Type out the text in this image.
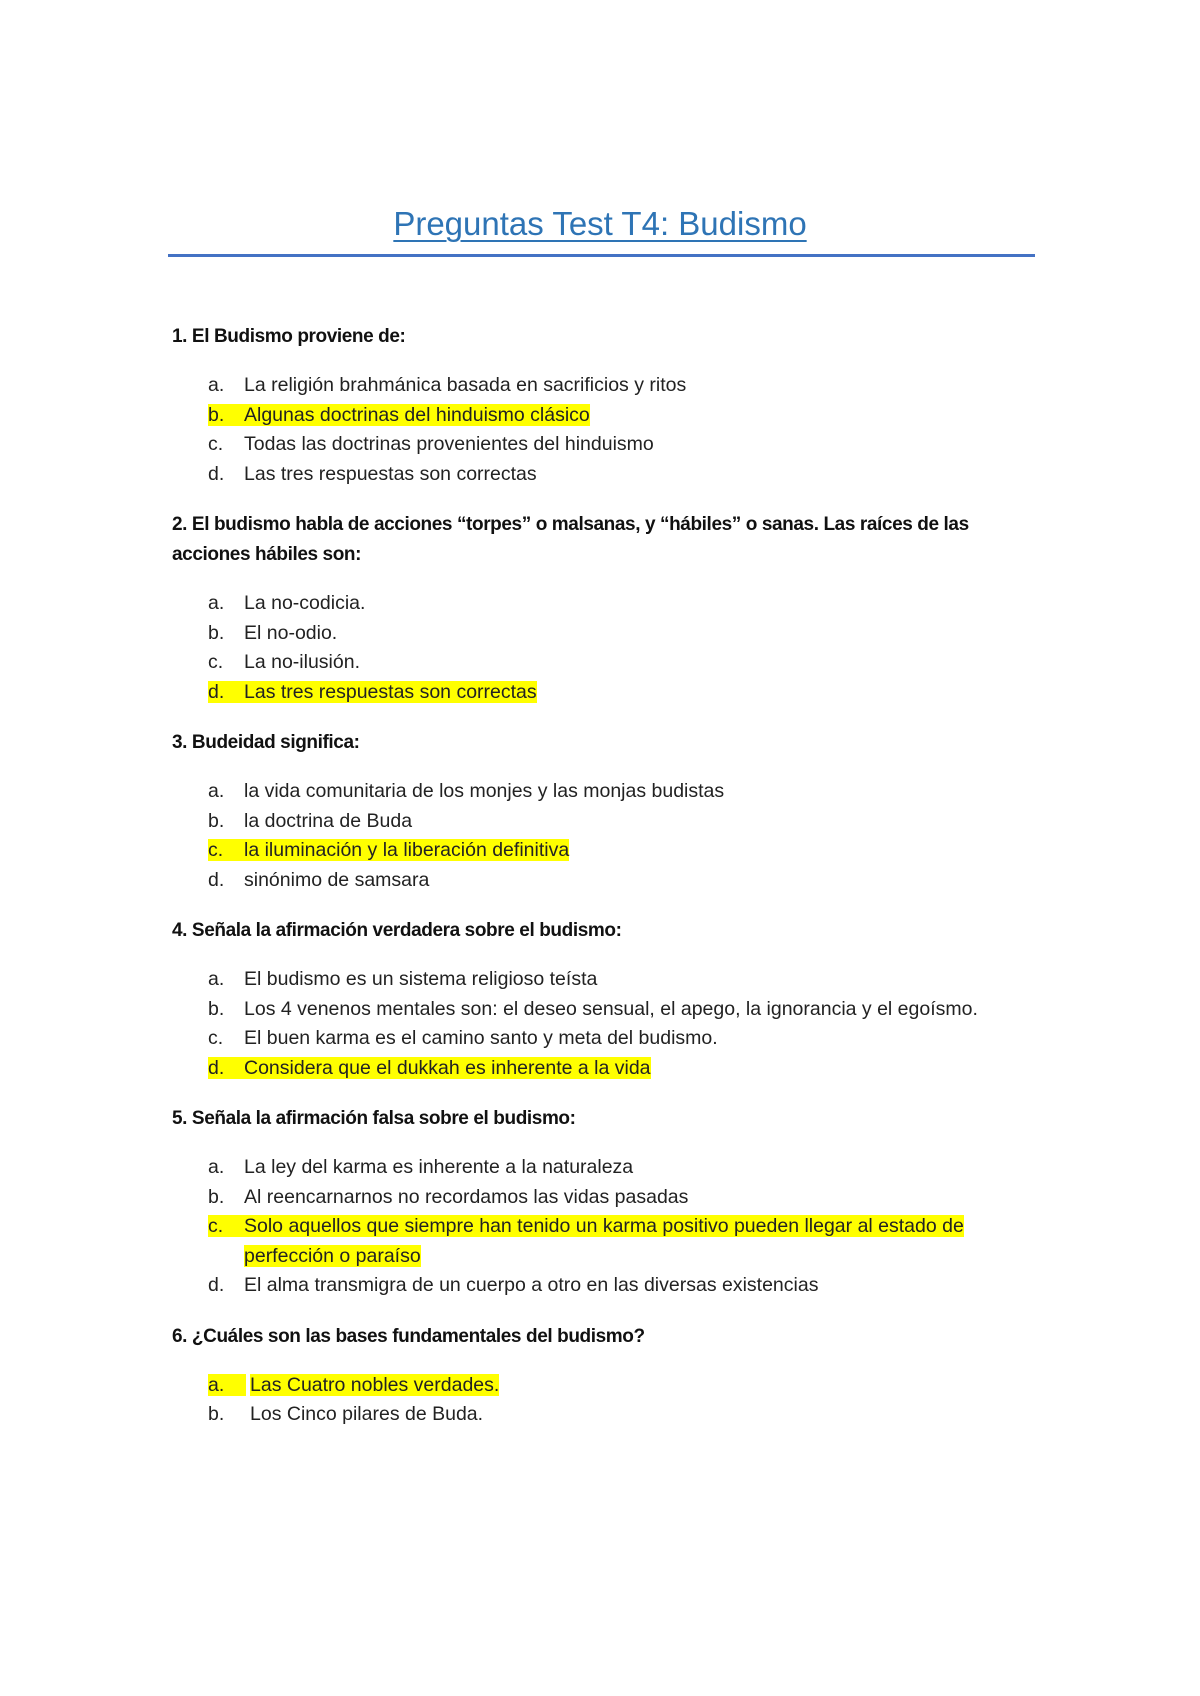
Preguntas Test T4: Budismo
1. El Budismo proviene de:
a.	La religión brahmánica basada en sacrificios y ritos
b.	Algunas doctrinas del hinduismo clásico
c.	Todas las doctrinas provenientes del hinduismo
d.	Las tres respuestas son correctas
2. El budismo habla de acciones “torpes” o malsanas, y “hábiles” o sanas. Las raíces de las acciones hábiles son:
a.	La no-codicia.
b.	El no-odio.
c.	La no-ilusión.
d.	Las tres respuestas son correctas
3. Budeidad significa:
a.	la vida comunitaria de los monjes y las monjas budistas
b.	la doctrina de Buda
c.	la iluminación y la liberación definitiva
d.	sinónimo de samsara
4. Señala la afirmación verdadera sobre el budismo:
a.	El budismo es un sistema religioso teísta
b.	Los 4 venenos mentales son: el deseo sensual, el apego, la ignorancia y el egoísmo.
c.	El buen karma es el camino santo y meta del budismo.
d.	Considera que el dukkah es inherente a la vida
5. Señala la afirmación falsa sobre el budismo:
a.	La ley del karma es inherente a la naturaleza
b.	Al reencarnarnos no recordamos las vidas pasadas
c.	Solo aquellos que siempre han tenido un karma positivo pueden llegar al estado de perfección o paraíso
d.	El alma transmigra de un cuerpo a otro en las diversas existencias
6. ¿Cuáles son las bases fundamentales del budismo?
a.	Las Cuatro nobles verdades.
b.	Los Cinco pilares de Buda.
